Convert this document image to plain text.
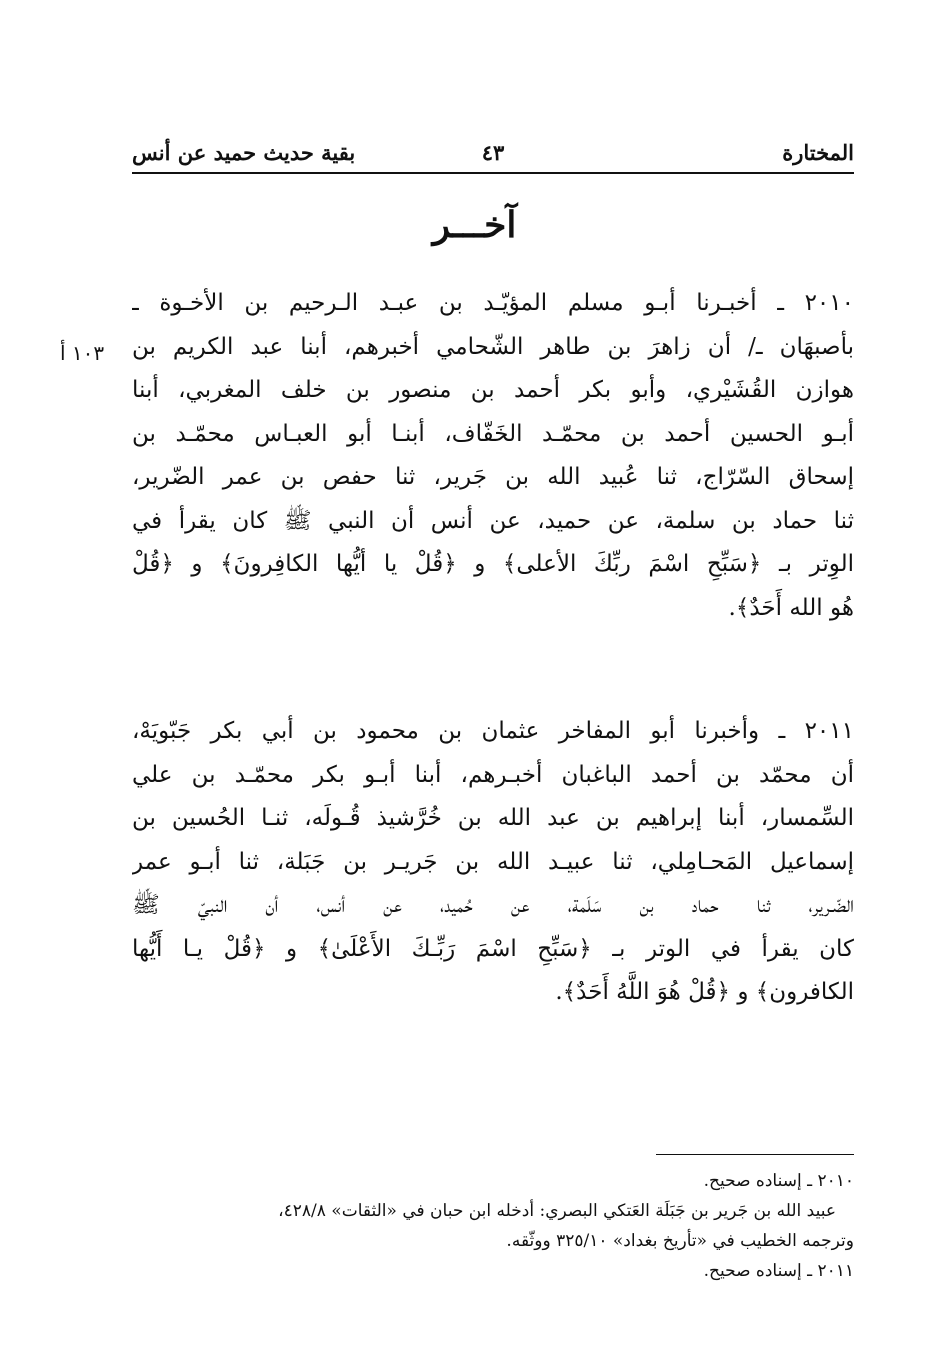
المختارة
٤٣
بقية حديث حميد عن أنس
آخـــر
١٠٣ أ
٢٠١٠ ـ أخبـرنا أبـو مسلم المؤيّـد بن عبـد الـرحيم بن الأخـوة ـ
بأصبهَان ـ/ أن زاهرَ بن طاهر الشّحامي أخبرهم، أبنا عبد الكريم بن
هوازن القُشَيْري، وأبو بكر أحمد بن منصور بن خلف المغربي، أبنا
أبـو الحسين أحمد بن محمّـد الخَفّاف، أبنـا أبو العبـاس محمّـد بن
إسحاق السّرّاج، ثنا عُبيد الله بن جَرير، ثنا حفص بن عمر الضّرير،
ثنا حماد بن سلمة، عن حميد، عن أنس أن النبي ﷺ كان يقرأ في
الوِتر بـ ﴿سَبِّحِ اسْمَ ربِّكَ الأعلى﴾ و ﴿قُلْ يا أيُّها الكافِرونَ﴾ و ﴿قُلْ
هُو الله أَحَدٌ﴾.
٢٠١١ ـ وأخبرنا أبو المفاخر عثمان بن محمود بن أبي بكر جَبّويَهْ،
أن محمّد بن أحمد الباغبان أخبـرهم، أبنا أبـو بكر محمّـد بن علي
السِّمسار، أبنا إبراهيم بن عبد الله بن خُرَّشيذ قُـولَه، ثنـا الحُسين بن
إسماعيل المَحـامِلي، ثنا عبيـد الله بن جَريـر بن جَبَلة، ثنا أبـو عمر
الضّـرير، ثنا حماد بن سَلَمة، عن حُميد، عن أنس، أن النبيّ ﷺ
كان يقرأ في الوتر بـ ﴿سَبِّحِ اسْمَ رَبِّـكَ الأَعْلَىٰ﴾ و ﴿قُلْ يـا أَيُّها
الكافرون﴾ و ﴿قُلْ هُوَ اللَّهُ أَحَدٌ﴾.
٢٠١٠ ـ إسناده صحيح.
عبيد الله بن جَرير بن جَبَلَة العَتكي البصري: أدخله ابن حبان في «الثقات» ٤٢٨/٨،
وترجمه الخطيب في «تأريخ بغداد» ٣٢٥/١٠ ووثّقه.
٢٠١١ ـ إسناده صحيح.
